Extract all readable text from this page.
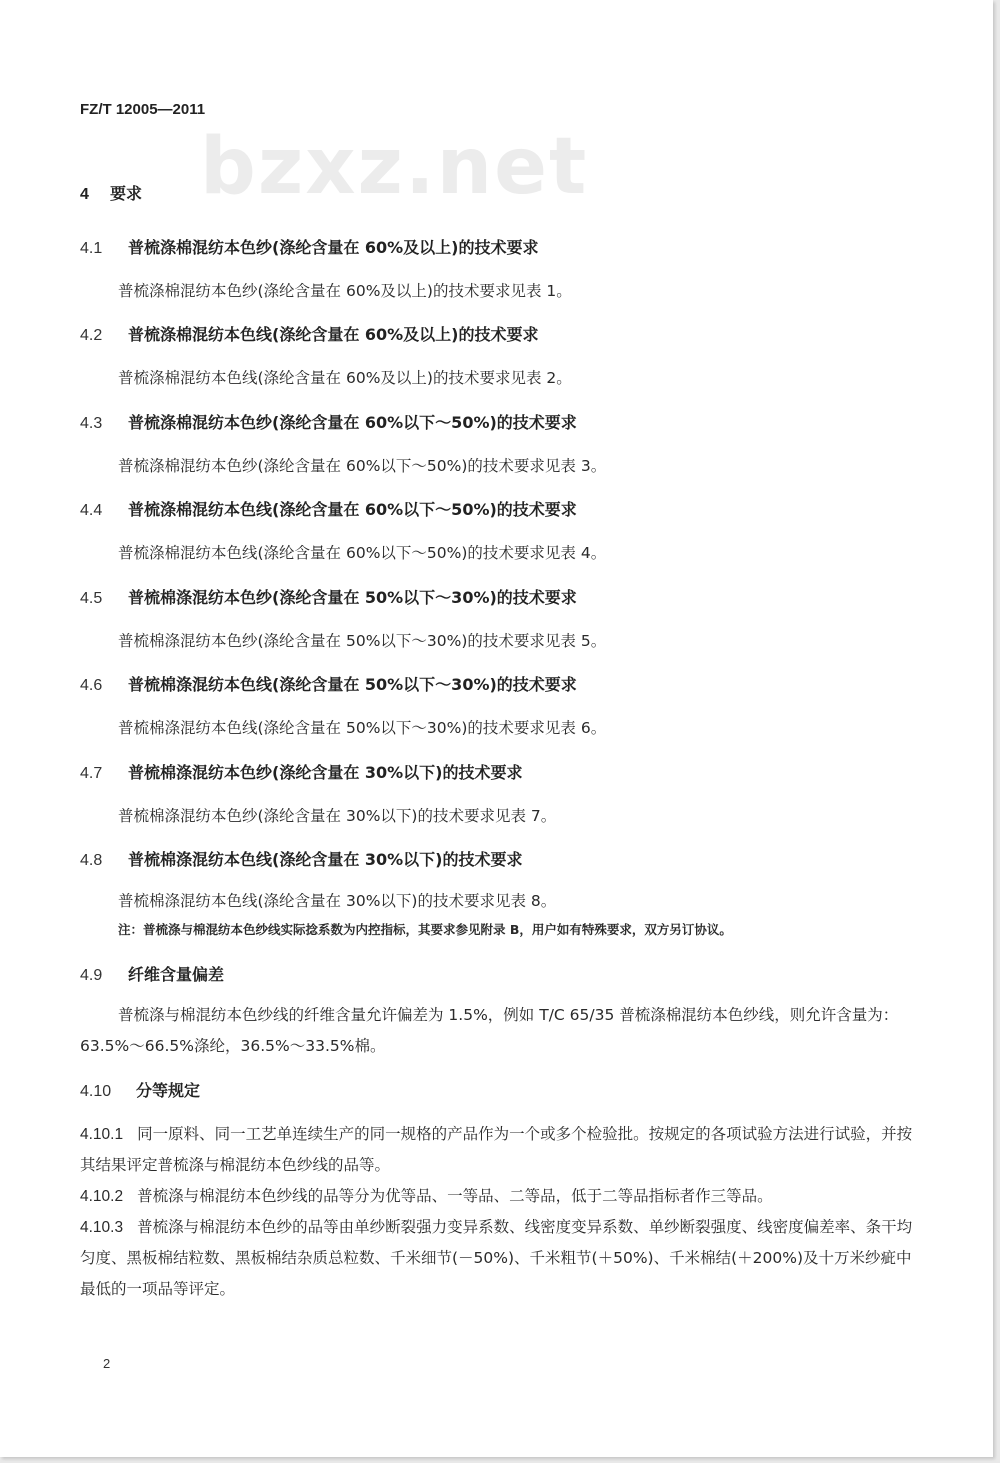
bzxz.net
FZ/T 12005—2011
4 要求
4.1 普梳涤棉混纺本色纱(涤纶含量在 60%及以上)的技术要求
普梳涤棉混纺本色纱(涤纶含量在 60%及以上)的技术要求见表 1。
4.2 普梳涤棉混纺本色线(涤纶含量在 60%及以上)的技术要求
普梳涤棉混纺本色线(涤纶含量在 60%及以上)的技术要求见表 2。
4.3 普梳涤棉混纺本色纱(涤纶含量在 60%以下～50%)的技术要求
普梳涤棉混纺本色纱(涤纶含量在 60%以下～50%)的技术要求见表 3。
4.4 普梳涤棉混纺本色线(涤纶含量在 60%以下～50%)的技术要求
普梳涤棉混纺本色线(涤纶含量在 60%以下～50%)的技术要求见表 4。
4.5 普梳棉涤混纺本色纱(涤纶含量在 50%以下～30%)的技术要求
普梳棉涤混纺本色纱(涤纶含量在 50%以下～30%)的技术要求见表 5。
4.6 普梳棉涤混纺本色线(涤纶含量在 50%以下～30%)的技术要求
普梳棉涤混纺本色线(涤纶含量在 50%以下～30%)的技术要求见表 6。
4.7 普梳棉涤混纺本色纱(涤纶含量在 30%以下)的技术要求
普梳棉涤混纺本色纱(涤纶含量在 30%以下)的技术要求见表 7。
4.8 普梳棉涤混纺本色线(涤纶含量在 30%以下)的技术要求
普梳棉涤混纺本色线(涤纶含量在 30%以下)的技术要求见表 8。
注：普梳涤与棉混纺本色纱线实际捻系数为内控指标，其要求参见附录 B，用户如有特殊要求，双方另订协议。
4.9 纤维含量偏差
普梳涤与棉混纺本色纱线的纤维含量允许偏差为 1.5%，例如 T/C 65/35 普梳涤棉混纺本色纱线，则允许含量为：63.5%～66.5%涤纶，36.5%～33.5%棉。
4.10 分等规定
4.10.1 同一原料、同一工艺单连续生产的同一规格的产品作为一个或多个检验批。按规定的各项试验方法进行试验，并按其结果评定普梳涤与棉混纺本色纱线的品等。
4.10.2 普梳涤与棉混纺本色纱线的品等分为优等品、一等品、二等品，低于二等品指标者作三等品。
4.10.3 普梳涤与棉混纺本色纱的品等由单纱断裂强力变异系数、线密度变异系数、单纱断裂强度、线密度偏差率、条干均匀度、黑板棉结粒数、黑板棉结杂质总粒数、千米细节(－50%)、千米粗节(＋50%)、千米棉结(＋200%)及十万米纱疵中最低的一项品等评定。
2
